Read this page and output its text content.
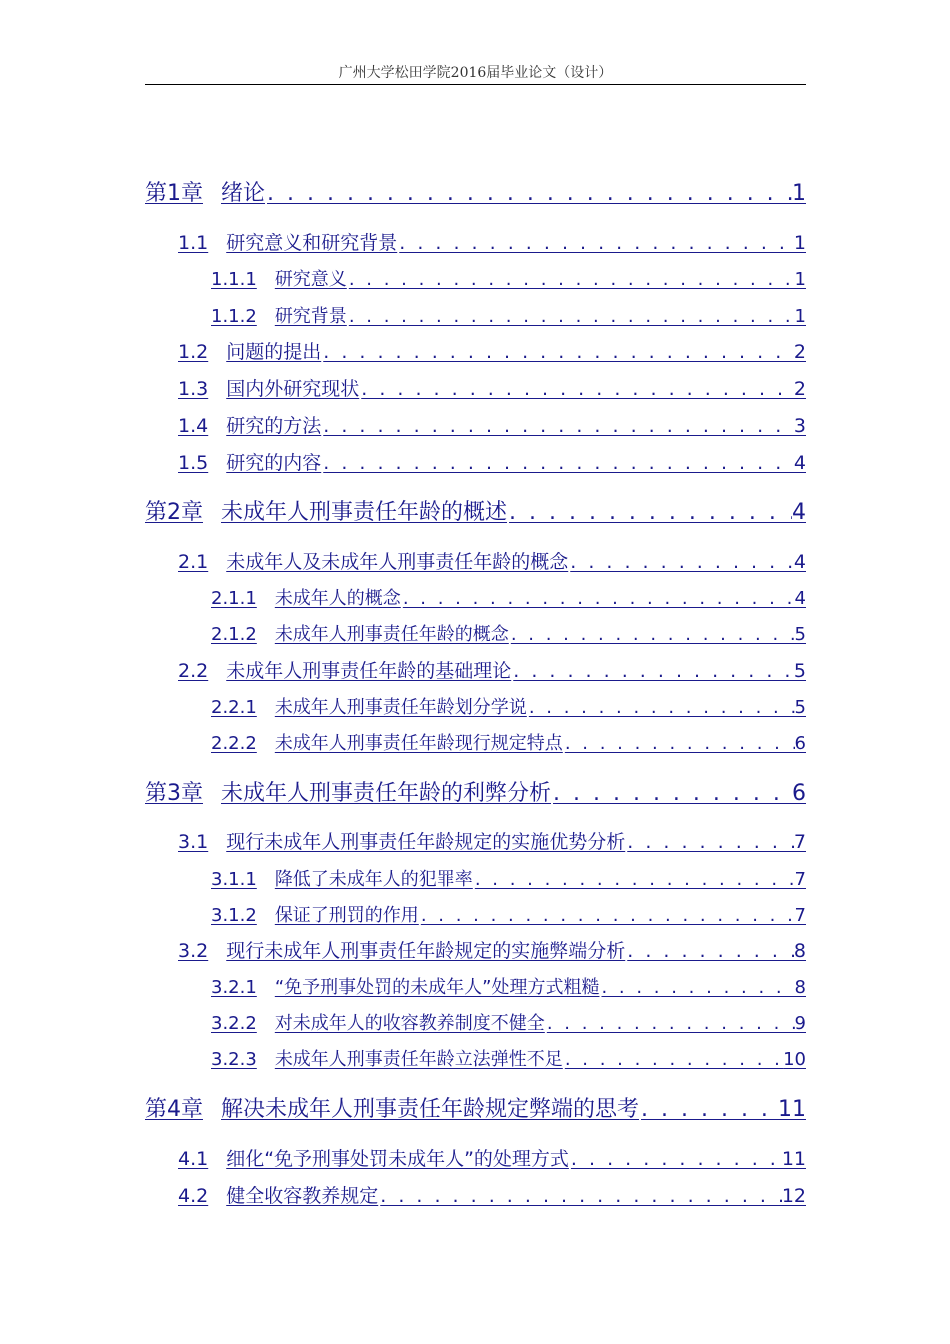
广州大学松田学院2016届毕业论文（设计）
第1章 绪论 . . .	1
1.1 研究意义和研究背景 . . .	1
1.1.1 研究意义 . . .	1
1.1.2 研究背景 . . .	1
1.2 问题的提出 . . .	2
1.3 国内外研究现状 . . .	2
1.4 研究的方法 . . .	3
1.5 研究的内容 . . .	4
第2章 未成年人刑事责任年龄的概述 . . .	4
2.1 未成年人及未成年人刑事责任年龄的概念 . . .	4
2.1.1 未成年人的概念 . . .	4
2.1.2 未成年人刑事责任年龄的概念 . . .	5
2.2 未成年人刑事责任年龄的基础理论 . . .	5
2.2.1 未成年人刑事责任年龄划分学说 . . .	5
2.2.2 未成年人刑事责任年龄现行规定特点 . . .	6
第3章 未成年人刑事责任年龄的利弊分析 . . .	6
3.1 现行未成年人刑事责任年龄规定的实施优势分析 . . .	7
3.1.1 降低了未成年人的犯罪率 . . .	7
3.1.2 保证了刑罚的作用 . . .	7
3.2 现行未成年人刑事责任年龄规定的实施弊端分析 . . .	8
3.2.1 “免予刑事处罚的未成年人”处理方式粗糙 . . .	8
3.2.2 对未成年人的收容教养制度不健全 . . .	9
3.2.3 未成年人刑事责任年龄立法弹性不足 . . .	10
第4章 解决未成年人刑事责任年龄规定弊端的思考 . . .	11
4.1 细化“免予刑事处罚未成年人”的处理方式 . . .	11
4.2 健全收容教养规定 . . .	12
